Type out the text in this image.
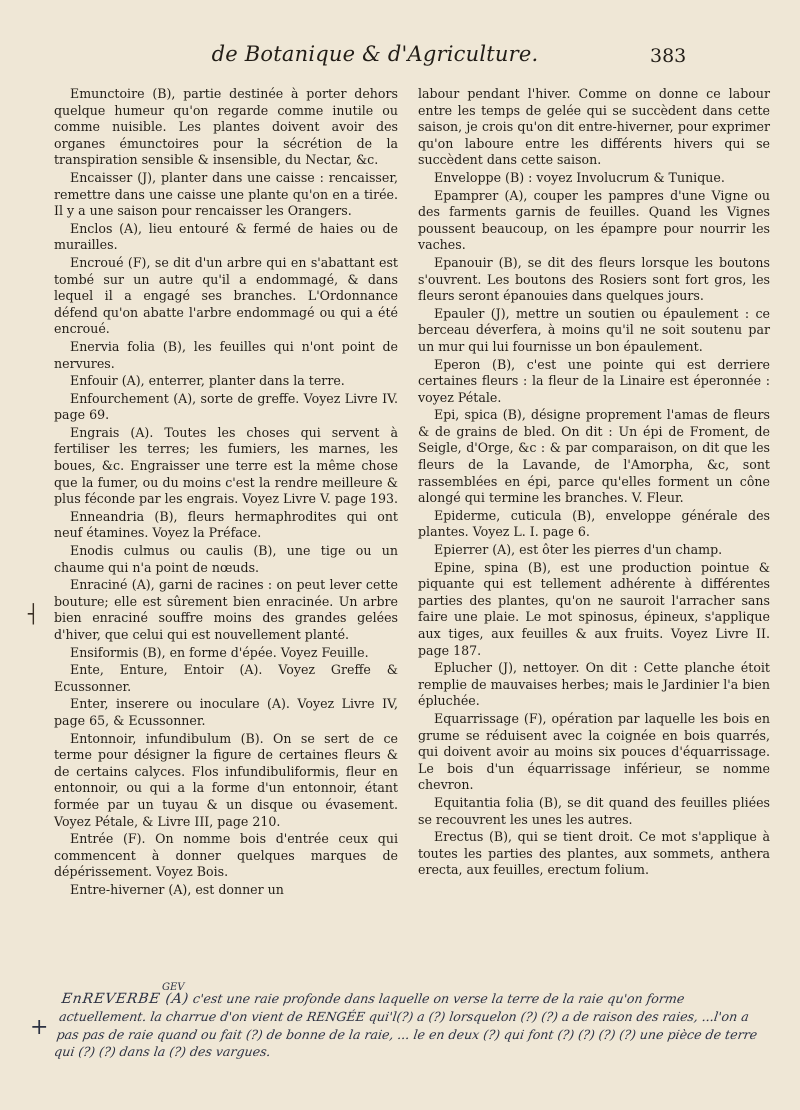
de Botanique & d'Agriculture.	383

Emunctoire (B), partie destinée à porter dehors quelque humeur qu'on regarde comme inutile ou comme nuisible. Les plantes doivent avoir des organes émunctoires pour la sécrétion de la transpiration sensible & insensible, du Nectar, &c.

Encaisser (J), planter dans une caisse : rencaisser, remettre dans une caisse une plante qu'on en a tirée. Il y a une saison pour rencaisser les Orangers.

Enclos (A), lieu entouré & fermé de haies ou de murailles.

Encroué (F), se dit d'un arbre qui en s'abattant est tombé sur un autre qu'il a endommagé, & dans lequel il a engagé ses branches. L'Ordonnance défend qu'on abatte l'arbre endommagé ou qui a été encroué.

Enervia folia (B), les feuilles qui n'ont point de nervures.

Enfouir (A), enterrer, planter dans la terre.

Enfourchement (A), sorte de greffe. Voyez Livre IV. page 69.

Engrais (A). Toutes les choses qui servent à fertiliser les terres; les fumiers, les marnes, les boues, &c. Engraisser une terre est la même chose que la fumer, ou du moins c'est la rendre meilleure & plus féconde par les engrais. Voyez Livre V. page 193.

Enneandria (B), fleurs hermaphrodites qui ont neuf étamines. Voyez la Préface.

Enodis culmus ou caulis (B), une tige ou un chaume qui n'a point de nœuds.

Enraciné (A), garni de racines : on peut lever cette bouture; elle est sûrement bien enracinée. Un arbre bien enraciné souffre moins des grandes gelées d'hiver, que celui qui est nouvellement planté.

Ensiformis (B), en forme d'épée. Voyez Feuille.

Ente, Enture, Entoir (A). Voyez Greffe & Ecussonner.

Enter, inserere ou inoculare (A). Voyez Livre IV, page 65, & Ecussonner.

Entonnoir, infundibulum (B). On se sert de ce terme pour désigner la figure de certaines fleurs & de certains calyces. Flos infundibuliformis, fleur en entonnoir, ou qui a la forme d'un entonnoir, étant formée par un tuyau & un disque ou évasement. Voyez Pétale, & Livre III, page 210.

Entrée (F). On nomme bois d'entrée ceux qui commencent à donner quelques marques de dépérissement. Voyez Bois.

Entre-hiverner (A), est donner un

labour pendant l'hiver. Comme on donne ce labour entre les temps de gelée qui se succèdent dans cette saison, je crois qu'on dit entre-hiverner, pour exprimer qu'on laboure entre les différents hivers qui se succèdent dans cette saison.

Enveloppe (B) : voyez Involucrum & Tunique.

Epamprer (A), couper les pampres d'une Vigne ou des farments garnis de feuilles. Quand les Vignes poussent beaucoup, on les épampre pour nourrir les vaches.

Epanouir (B), se dit des fleurs lorsque les boutons s'ouvrent. Les boutons des Rosiers sont fort gros, les fleurs seront épanouies dans quelques jours.

Epauler (J), mettre un soutien ou épaulement : ce berceau déverfera, à moins qu'il ne soit soutenu par un mur qui lui fournisse un bon épaulement.

Eperon (B), c'est une pointe qui est derriere certaines fleurs : la fleur de la Linaire est éperonnée : voyez Pétale.

Epi, spica (B), désigne proprement l'amas de fleurs & de grains de bled. On dit : Un épi de Froment, de Seigle, d'Orge, &c : & par comparaison, on dit que les fleurs de la Lavande, de l'Amorpha, &c, sont rassemblées en épi, parce qu'elles forment un cône alongé qui termine les branches. V. Fleur.

Epiderme, cuticula (B), enveloppe générale des plantes. Voyez L. I. page 6.

Epierrer (A), est ôter les pierres d'un champ.

Epine, spina (B), est une production pointue & piquante qui est tellement adhérente à différentes parties des plantes, qu'on ne sauroit l'arracher sans faire une plaie. Le mot spinosus, épineux, s'applique aux tiges, aux feuilles & aux fruits. Voyez Livre II. page 187.

Eplucher (J), nettoyer. On dit : Cette planche étoit remplie de mauvaises herbes; mais le Jardinier l'a bien épluchée.

Equarrissage (F), opération par laquelle les bois en grume se réduisent avec la coignée en bois quarrés, qui doivent avoir au moins six pouces d'équarrissage. Le bois d'un équarrissage inférieur, se nomme chevron.

Equitantia folia (B), se dit quand des feuilles pliées se recouvrent les unes les autres.

Erectus (B), qui se tient droit. Ce mot s'applique à toutes les parties des plantes, aux sommets, anthera erecta, aux feuilles, erectum folium.

┤
GEV
+
EnREVERBE (A) c'est une raie profonde dans laquelle on verse la terre de la raie qu'on forme actuellement. la charrue d'on vient de RENGÉE qui'l(?) a (?) lorsquelon (?) (?) a de raison des raies, ...l'on a pas pas de raie quand ou fait (?) de bonne de la raie, ... le en deux (?) qui font (?) (?) (?) (?) une pièce de terre qui (?) (?) dans la (?) des vargues.
